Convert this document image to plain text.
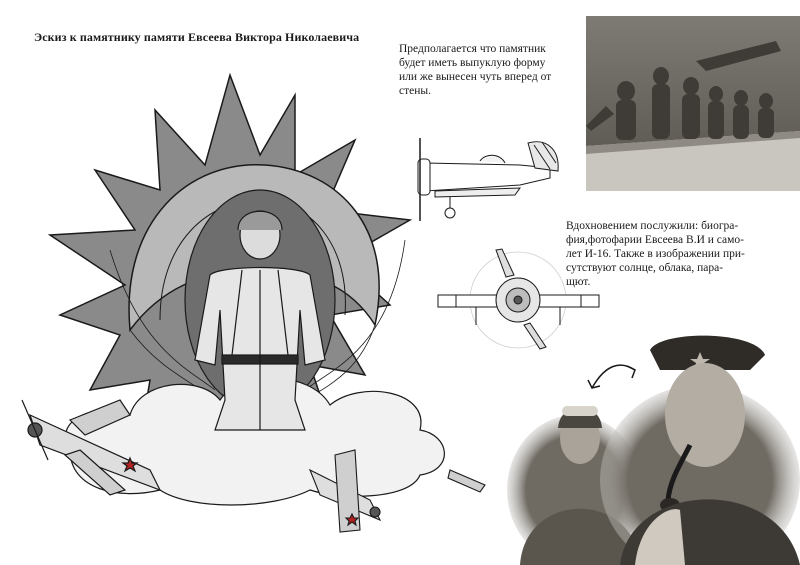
Эскиз к памятнику памяти Евсеева Виктора Николаевича
Предполагается что памятник
будет иметь выпуклую форму
или же вынесен чуть вперед от
стены.
Вдохновением послужили: биогра-
фия,фотофарии Евсеева В.И и само-
лет И-16. Также в изображении при-
сутствуют солнце, облака, пара-
щют.
